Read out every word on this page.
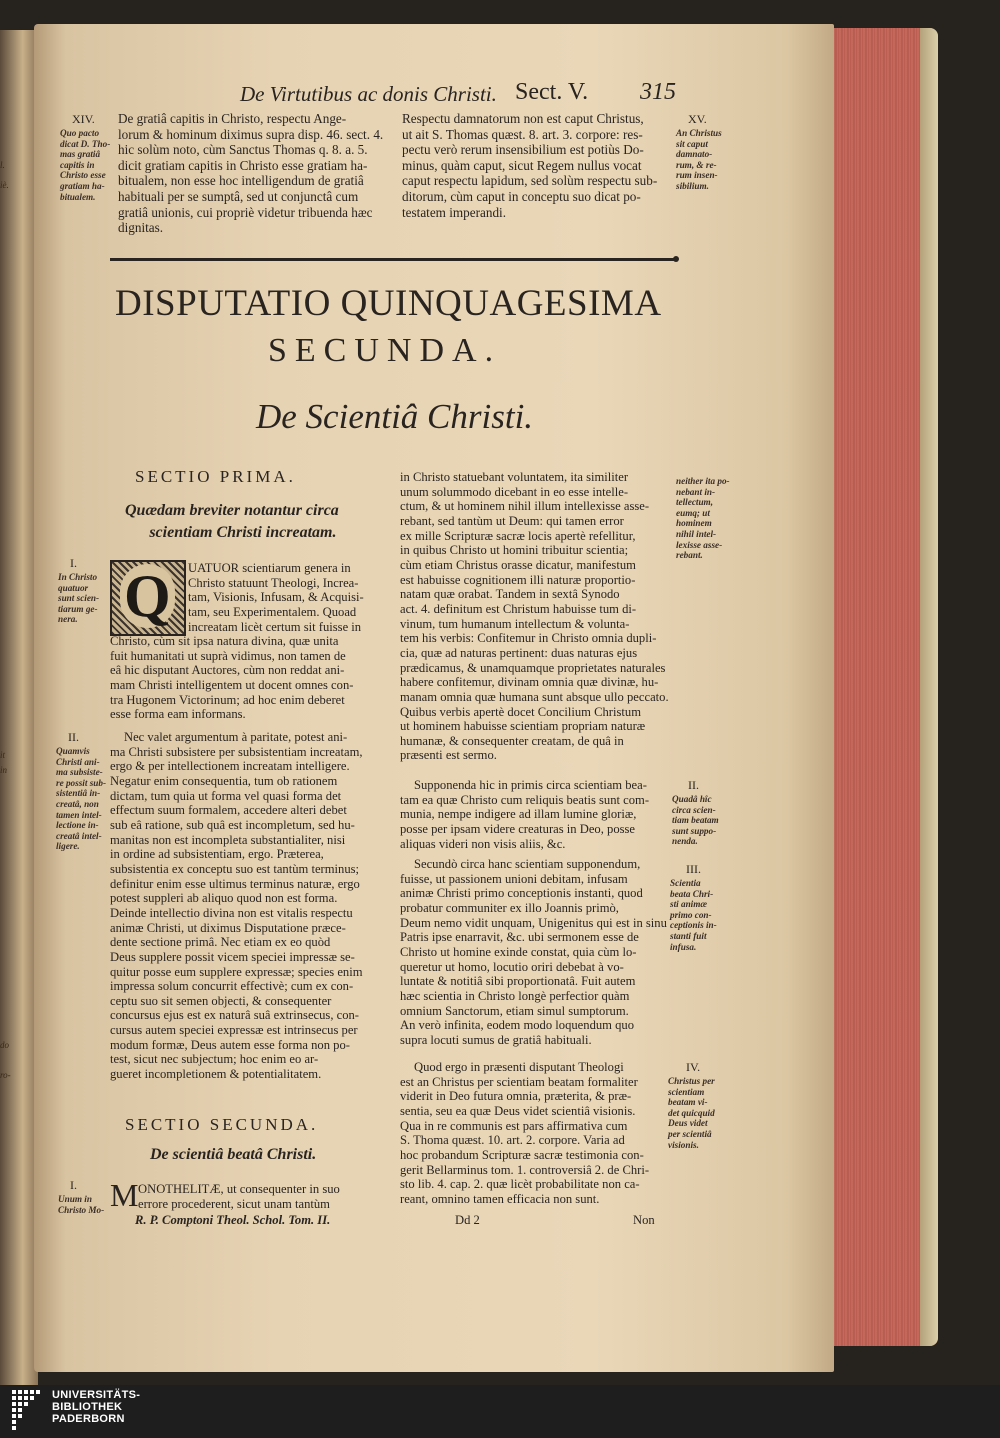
l.
iè.
it
in
do
ro-
De Virtutibus ac donis Christi. Sect. V. 315
XIV.
Quo pacto
dicat D. Tho-
mas gratiâ
capitis in
Christo esse
gratiam ha-
bitualem.
De gratiâ capitis in Christo, respectu Ange-
lorum & hominum diximus supra disp. 46. sect. 4.
hic solùm noto, cùm Sanctus Thomas q. 8. a. 5.
dicit gratiam capitis in Christo esse gratiam ha-
bitualem, non esse hoc intelligendum de gratiâ
habituali per se sumptâ, sed ut conjunctâ cum
gratiâ unionis, cui propriè videtur tribuenda hæc
dignitas.
Respectu damnatorum non est caput Christus,
ut ait S. Thomas quæst. 8. art. 3. corpore: res-
pectu verò rerum insensibilium est potiùs Do-
minus, quàm caput, sicut Regem nullus vocat
caput respectu lapidum, sed solùm respectu sub-
ditorum, cùm caput in conceptu suo dicat po-
testatem imperandi.
XV.
An Christus
sit caput
damnato-
rum, & re-
rum insen-
sibilium.
DISPUTATIO QUINQUAGESIMA
SECUNDA.
De Scientiâ Christi.
SECTIO PRIMA.
Quædam breviter notantur circa
scientiam Christi increatam.
I.
In Christo
quatuor
sunt scien-
tiarum ge-
nera. Q	UATUOR scientiarum genera in
Christo statuunt Theologi, Increa-
tam, Visionis, Infusam, & Acquisi-
tam, seu Experimentalem. Quoad
increatam licèt certum sit fuisse in
Christo, cùm sit ipsa natura divina, quæ unita
fuit humanitati ut suprà vidimus, non tamen de
eâ hic disputant Auctores, cùm non reddat ani-
mam Christi intelligentem ut docent omnes con-
tra Hugonem Victorinum; ad hoc enim deberet
esse forma eam informans.
II.
Quamvis
Christi ani-
ma subsiste-
re possit sub-
sistentiâ in-
creatâ, non
tamen intel-
lectione in-
creatâ intel-
ligere.
Nec valet argumentum à paritate, potest ani-
ma Christi subsistere per subsistentiam increatam,
ergo & per intellectionem increatam intelligere.
Negatur enim consequentia, tum ob rationem
dictam, tum quia ut forma vel quasi forma det
effectum suum formalem, accedere alteri debet
sub eâ ratione, sub quâ est incompletum, sed hu-
manitas non est incompleta substantialiter, nisi
in ordine ad subsistentiam, ergo. Præterea,
subsistentia ex conceptu suo est tantùm terminus;
definitur enim esse ultimus terminus naturæ, ergo
potest suppleri ab aliquo quod non est forma.
Deinde intellectio divina non est vitalis respectu
animæ Christi, ut diximus Disputatione præce-
dente sectione primâ. Nec etiam ex eo quòd
Deus supplere possit vicem speciei impressæ se-
quitur posse eum supplere expressæ; species enim
impressa solum concurrit effectivè; cum ex con-
ceptu suo sit semen objecti, & consequenter
concursus ejus est ex naturâ suâ extrinsecus, con-
cursus autem speciei expressæ est intrinsecus per
modum formæ, Deus autem esse forma non po-
test, sicut nec subjectum; hoc enim eo ar-
gueret incompletionem & potentialitatem.
SECTIO SECUNDA.
De scientiâ beatâ Christi.
I.
Unum in
Christo Mo- M ONOTHELITÆ, ut consequenter in suo
errore procederent, sicut unam tantùm
R. P. Comptoni Theol. Schol. Tom. II.
in Christo statuebant voluntatem, ita similiter
unum solummodo dicebant in eo esse intelle-
ctum, & ut hominem nihil illum intellexisse asse-
rebant, sed tantùm ut Deum: qui tamen error
ex mille Scripturæ sacræ locis apertè refellitur,
in quibus Christo ut homini tribuitur scientia;
cùm etiam Christus orasse dicatur, manifestum
est habuisse cognitionem illi naturæ proportio-
natam quæ orabat. Tandem in sextâ Synodo
act. 4. definitum est Christum habuisse tum di-
vinum, tum humanum intellectum & volunta-
tem his verbis: Confitemur in Christo omnia dupli-
cia, quæ ad naturas pertinent: duas naturas ejus
prædicamus, & unamquamque proprietates naturales
habere confitemur, divinam omnia quæ divinæ, hu-
manam omnia quæ humana sunt absque ullo peccato.
Quibus verbis apertè docet Concilium Christum
ut hominem habuisse scientiam propriam naturæ
humanæ, & consequenter creatam, de quâ in
præsenti est sermo.
neither ita po-
nebant in-
tellectum,
eumq; ut
hominem
nihil intel-
lexisse asse-
rebant.
Supponenda hic in primis circa scientiam bea-
tam ea quæ Christo cum reliquis beatis sunt com-
munia, nempe indigere ad illam lumine gloriæ,
posse per ipsam videre creaturas in Deo, posse
aliquas videri non visis aliis, &c.
II.
Quadâ hîc
circa scien-
tiam beatam
sunt suppo-
nenda.
Secundò circa hanc scientiam supponendum,
fuisse, ut passionem unioni debitam, infusam
animæ Christi primo conceptionis instanti, quod
probatur communiter ex illo Joannis primò,
Deum nemo vidit unquam, Unigenitus qui est in sinu
Patris ipse enarravit, &c. ubi sermonem esse de
Christo ut homine exinde constat, quia cùm lo-
queretur ut homo, locutio oriri debebat à vo-
luntate & notitiâ sibi proportionatâ. Fuit autem
hæc scientia in Christo longè perfectior quàm
omnium Sanctorum, etiam simul sumptorum.
An verò infinita, eodem modo loquendum quo
supra locuti sumus de gratiâ habituali.
III.
Scientia
beata Chri-
sti animæ
primo con-
ceptionis in-
stanti fuit
infusa.
Quod ergo in præsenti disputant Theologi
est an Christus per scientiam beatam formaliter
viderit in Deo futura omnia, præterita, & præ-
sentia, seu ea quæ Deus videt scientiâ visionis.
Qua in re communis est pars affirmativa cum
S. Thoma quæst. 10. art. 2. corpore. Varia ad
hoc probandum Scripturæ sacræ testimonia con-
gerit Bellarminus tom. 1. controversiâ 2. de Chri-
sto lib. 4. cap. 2. quæ licèt probabilitate non ca-
reant, omnino tamen efficacia non sunt.
IV.
Christus per
scientiam
beatam vi-
det quicquid
Deus videt
per scientiâ
visionis.
Dd 2	Non
UNIVERSITÄTS-
BIBLIOTHEK
PADERBORN
